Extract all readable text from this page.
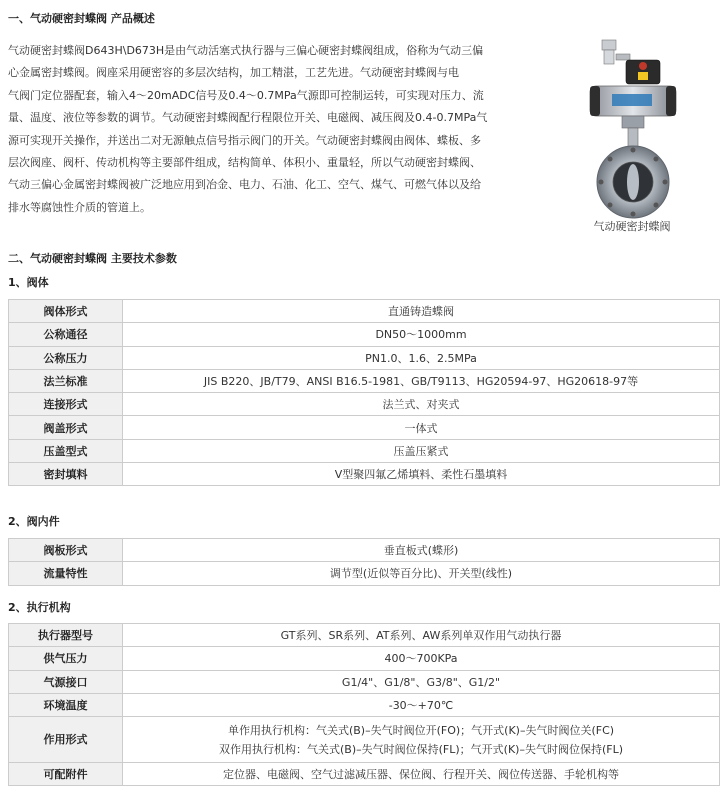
一、气动硬密封蝶阀 产品概述

气动硬密封蝶阀D643H\D673H是由气动活塞式执行器与三偏心硬密封蝶阀组成，俗称为气动三偏

心金属密封蝶阀。阀座采用硬密容的多层次结构，加工精湛，工艺先进。气动硬密封蝶阀与电

气阀门定位器配套，输入4～20mADC信号及0.4～0.7MPa气源即可控制运转，可实现对压力、流

量、温度、液位等参数的调节。气动硬密封蝶阀配行程限位开关、电磁阀、减压阀及0.4-0.7MPa气

源可实现开关操作，并送出二对无源触点信号指示阀门的开关。气动硬密封蝶阀由阀体、蝶板、多

层次阀座、阀杆、传动机构等主要部件组成，结构简单、体积小、重量轻，所以气动硬密封蝶阀、

气动三偏心金属密封蝶阀被广泛地应用到冶金、电力、石油、化工、空气、煤气、可燃气体以及给

排水等腐蚀性介质的管道上。

气动硬密封蝶阀
二、气动硬密封蝶阀 主要技术参数
1、阀体
阀体形式	直通铸造蝶阀
公称通径	DN50～1000mm
公称压力	PN1.0、1.6、2.5MPa
法兰标准	JIS B220、JB/T79、ANSI B16.5-1981、GB/T9113、HG20594-97、HG20618-97等
连接形式	法兰式、对夹式
阀盖形式	一体式
压盖型式	压盖压紧式
密封填料	V型聚四氟乙烯填料、柔性石墨填料
2、阀内件
阀板形式	垂直板式(蝶形)
流量特性	调节型(近似等百分比)、开关型(线性)
2、执行机构
执行器型号	GT系列、SR系列、AT系列、AW系列单双作用气动执行器
供气压力	400～700KPa
气源接口	G1/4"、G1/8"、G3/8"、G1/2"
环境温度	-30～+70℃
作用形式	单作用执行机构：气关式(B)–失气时阀位开(FO)；气开式(K)–失气时阀位关(FC)
双作用执行机构：气关式(B)–失气时阀位保持(FL)；气开式(K)–失气时阀位保持(FL)

可配附件	定位器、电磁阀、空气过滤减压器、保位阀、行程开关、阀位传送器、手轮机构等
